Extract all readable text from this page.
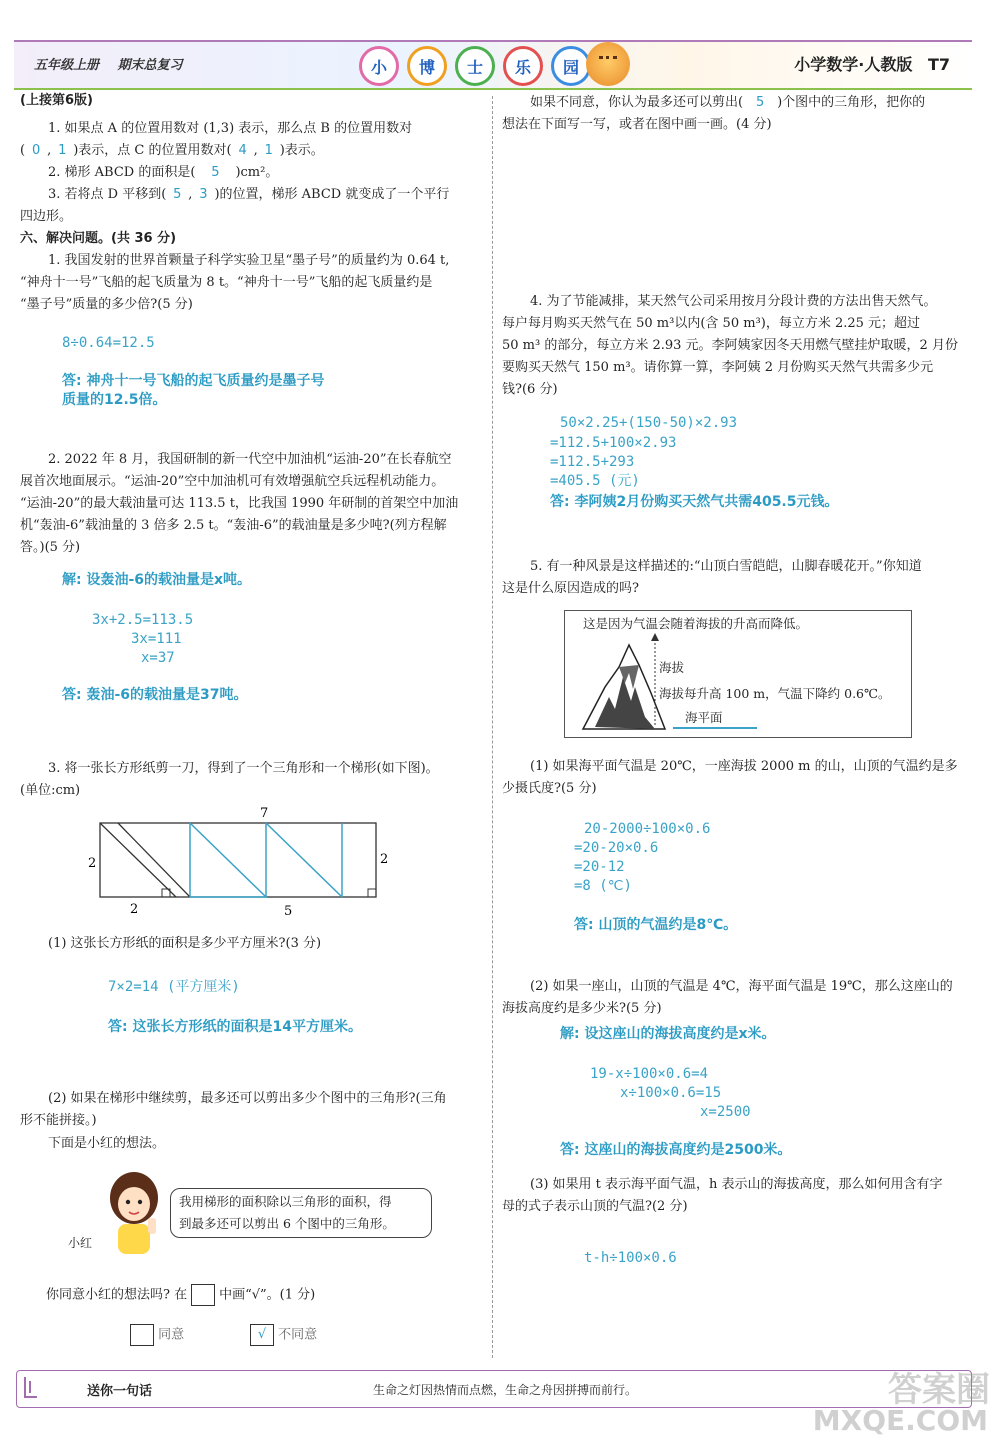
五年级上册 期末总复习	小	博	士	乐	园	小学数学·人教版 T7
(上接第6版)
1. 如果点 A 的位置用数对 (1,3) 表示，那么点 B 的位置用数对
( 0 , 1 )表示，点 C 的位置用数对( 4 , 1 )表示。
2. 梯形 ABCD 的面积是( 5 )cm²。
3. 若将点 D 平移到( 5 , 3 )的位置，梯形 ABCD 就变成了一个平行
四边形。
六、解决问题。(共 36 分)
1. 我国发射的世界首颗量子科学实验卫星“墨子号”的质量约为 0.64 t,
“神舟十一号”飞船的起飞质量为 8 t。“神舟十一号”飞船的起飞质量约是
“墨子号”质量的多少倍?(5 分)
8÷0.64=12.5
答: 神舟十一号飞船的起飞质量约是墨子号
质量的12.5倍。
2. 2022 年 8 月，我国研制的新一代空中加油机“运油-20”在长春航空
展首次地面展示。“运油-20”空中加油机可有效增强航空兵远程机动能力。
“运油-20”的最大载油量可达 113.5 t，比我国 1990 年研制的首架空中加油
机“轰油-6”载油量的 3 倍多 2.5 t。“轰油-6”的载油量是多少吨?(列方程解
答。)(5 分)
解: 设轰油-6的载油量是x吨。
3x+2.5=113.5
3x=111
x=37
答: 轰油-6的载油量是37吨。
3. 将一张长方形纸剪一刀，得到了一个三角形和一个梯形(如下图)。
(单位:cm)
7
2	2
2	5
(1) 这张长方形纸的面积是多少平方厘米?(3 分)
7×2=14 (平方厘米)
答: 这张长方形纸的面积是14平方厘米。
(2) 如果在梯形中继续剪，最多还可以剪出多少个图中的三角形?(三角
形不能拼接。)
下面是小红的想法。
小红
我用梯形的面积除以三角形的面积，得
到最多还可以剪出 6 个图中的三角形。
你同意小红的想法吗? 在 中画“√”。(1 分)
同意	√ 不同意
如果不同意，你认为最多还可以剪出( 5 )个图中的三角形，把你的
想法在下面写一写，或者在图中画一画。(4 分)
4. 为了节能减排，某天然气公司采用按月分段计费的方法出售天然气。
每户每月购买天然气在 50 m³以内(含 50 m³)，每立方米 2.25 元；超过
50 m³ 的部分，每立方米 2.93 元。李阿姨家因冬天用燃气壁挂炉取暖，2 月份
要购买天然气 150 m³。请你算一算，李阿姨 2 月份购买天然气共需多少元
钱?(6 分)
50×2.25+(150-50)×2.93
=112.5+100×2.93
=112.5+293
=405.5 (元)
答: 李阿姨2月份购买天然气共需405.5元钱。
5. 有一种风景是这样描述的:“山顶白雪皑皑，山脚春暖花开。”你知道
这是什么原因造成的吗?
这是因为气温会随着海拔的升高而降低。
海拔
海拔每升高 100 m，气温下降约 0.6℃。
海平面
(1) 如果海平面气温是 20℃，一座海拔 2000 m 的山，山顶的气温约是多
少摄氏度?(5 分)
20-2000÷100×0.6
=20-20×0.6
=20-12
=8 (℃)
答: 山顶的气温约是8℃。
(2) 如果一座山，山顶的气温是 4℃，海平面气温是 19℃，那么这座山的
海拔高度约是多少米?(5 分)
解: 设这座山的海拔高度约是x米。
19-x÷100×0.6=4
x÷100×0.6=15
x=2500
答: 这座山的海拔高度约是2500米。
(3) 如果用 t 表示海平面气温，h 表示山的海拔高度，那么如何用含有字
母的式子表示山顶的气温?(2 分)
t-h÷100×0.6
送你一句话	生命之灯因热情而点燃，生命之舟因拼搏而前行。	答案圈
MXQE.COM
